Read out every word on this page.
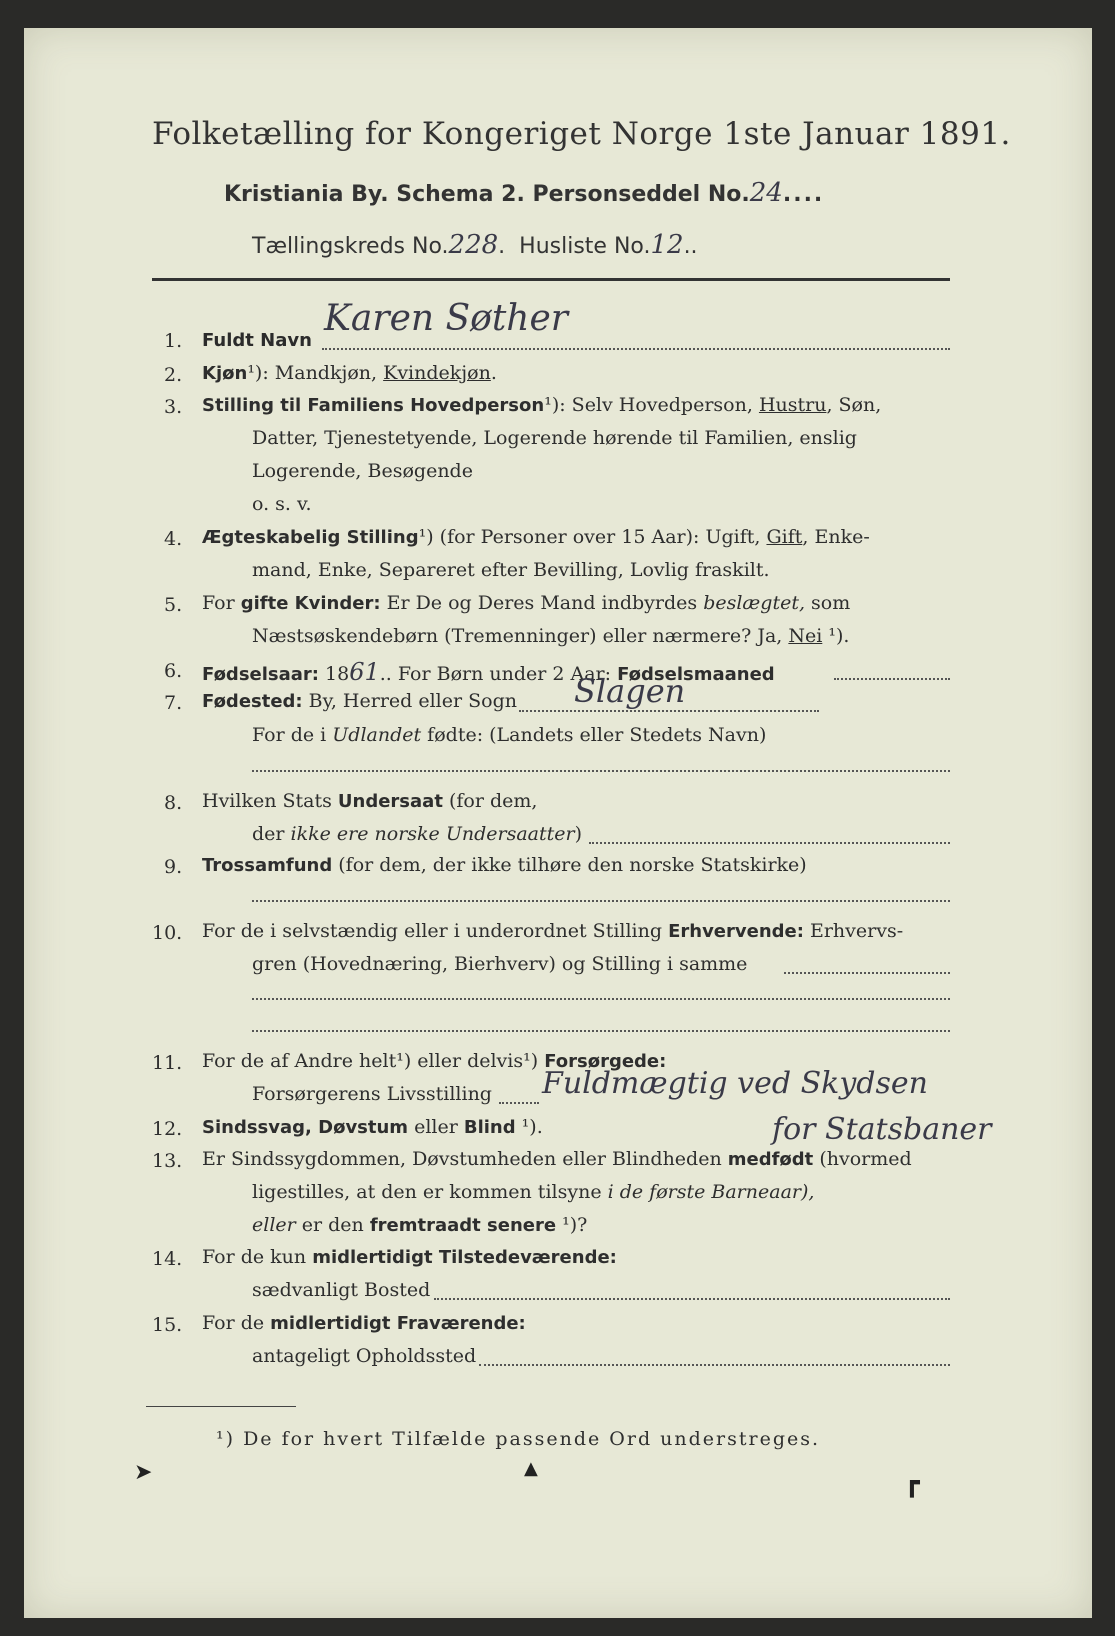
Folketælling for Kongeriget Norge 1ste Januar 1891.
Kristiania By. Schema 2. Personseddel No.24....
Tællingskreds No.228.  Husliste No.12..
1. Fuldt Navn
Karen Søther
2. Kjøn¹): Mandkjøn, Kvindekjøn.
3. Stilling til Familiens Hovedperson¹): Selv Hovedperson, Hustru, Søn,
Datter, Tjenestetyende, Logerende hørende til Familien, enslig
Logerende, Besøgende
o. s. v.
4. Ægteskabelig Stilling¹) (for Personer over 15 Aar): Ugift, Gift, Enke-
mand, Enke, Separeret efter Bevilling, Lovlig fraskilt.
5. For gifte Kvinder: Er De og Deres Mand indbyrdes beslægtet, som
Næstsøskendebørn (Tremenninger) eller nærmere? Ja, Nei ¹).
6. Fødselsaar: 1861.. For Børn under 2 Aar: Fødselsmaaned
7. Fødested: By, Herred eller Sogn Slagen
For de i Udlandet fødte: (Landets eller Stedets Navn)
8. Hvilken Stats Undersaat (for dem,
der ikke ere norske Undersaatter)
9. Trossamfund (for dem, der ikke tilhøre den norske Statskirke)
10. For de i selvstændig eller i underordnet Stilling Erhvervende: Erhvervs-
gren (Hovednæring, Bierhverv) og Stilling i samme
11. For de af Andre helt¹) eller delvis¹) Forsørgede:
Forsørgerens Livsstilling Fuldmægtig ved Skydsen
for Statsbaner
12. Sindssvag, Døvstum eller Blind ¹).
13. Er Sindssygdommen, Døvstumheden eller Blindheden medfødt (hvormed
ligestilles, at den er kommen tilsyne i de første Barneaar),
eller er den fremtraadt senere ¹)?
14. For de kun midlertidigt Tilstedeværende:
sædvanligt Bosted
15. For de midlertidigt Fraværende:
antageligt Opholdssted
¹) De for hvert Tilfælde passende Ord understreges.
➤	▲	┏
